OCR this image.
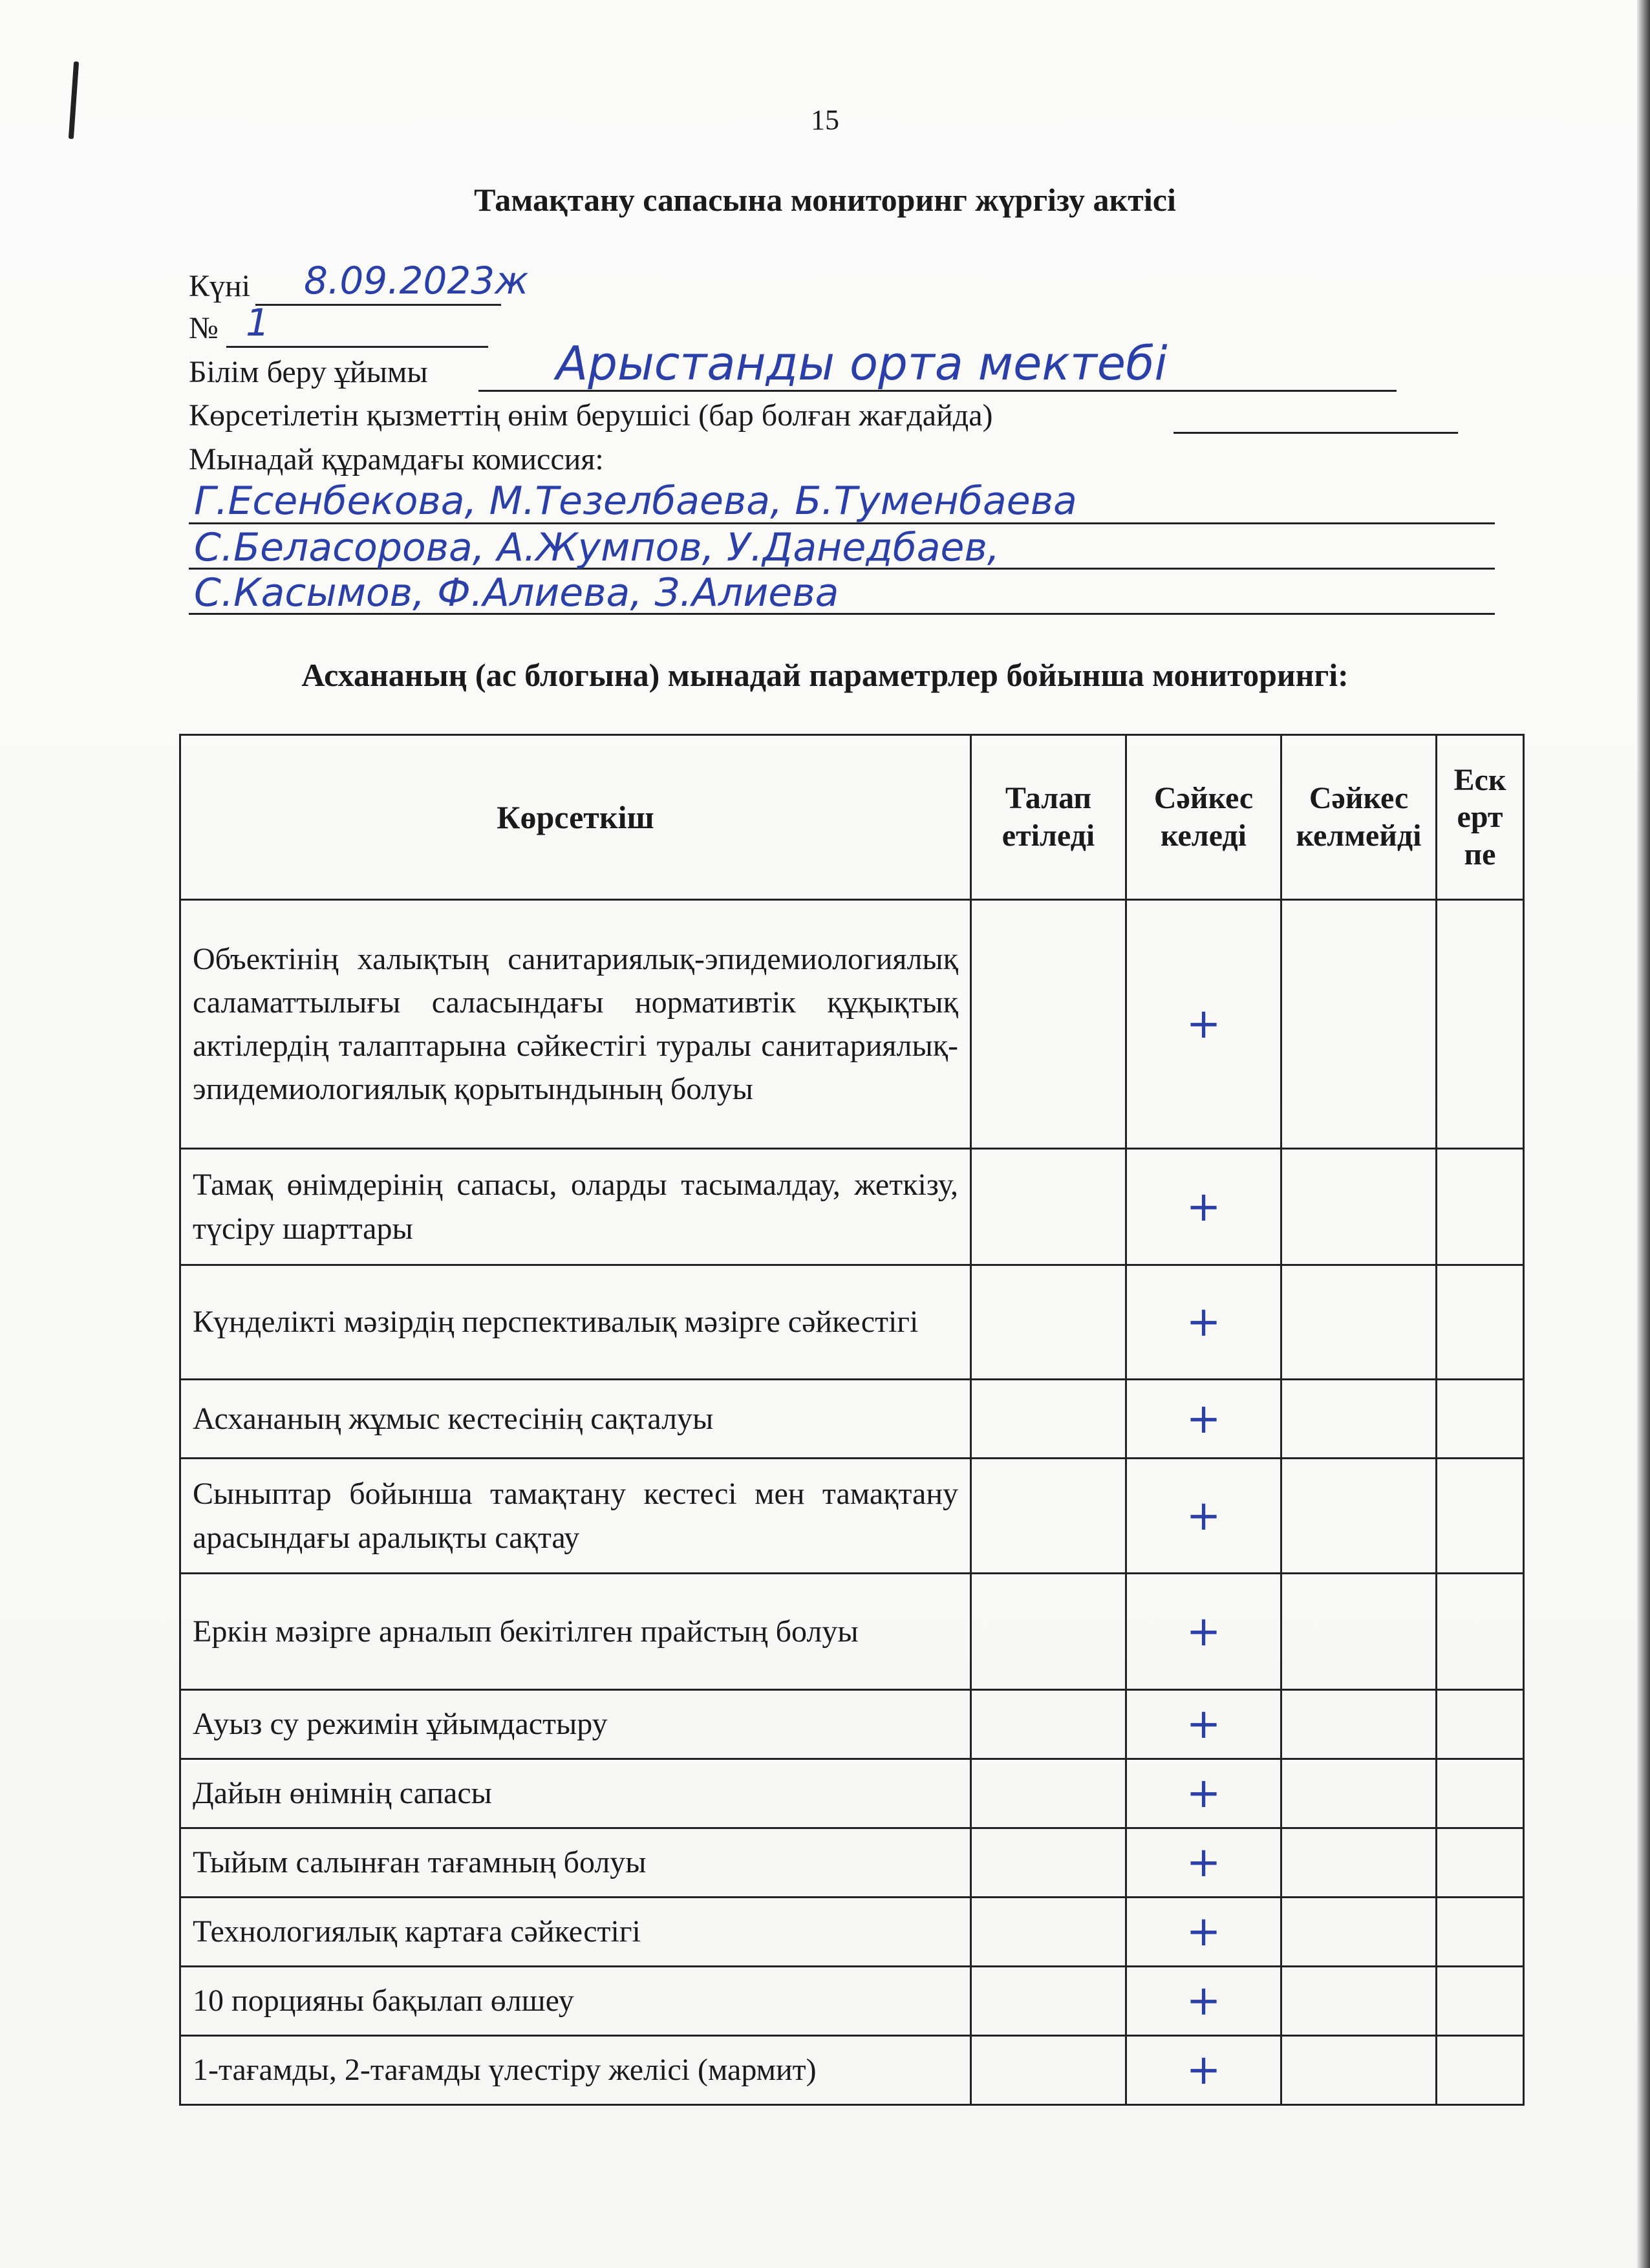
15
Тамақтану сапасына мониторинг жүргізу актісі
Күні 8.09.2023ж
№ 1
Білім беру ұйымы	Арыстанды орта мектебі
Көрсетілетін қызметтің өнім берушісі (бар болған жағдайда)
Мынадай құрамдағы комиссия:
Г.Есенбекова, М.Тезелбаева, Б.Туменбаева
С.Беласорова, А.Жумпов, У.Данедбаев,
С.Касымов, Ф.Алиева, З.Алиева
Асхананың (ас блогына) мынадай параметрлер бойынша мониторингі:
Көрсеткіш	Талап етіледі	Сәйкес келеді	Сәйкес келмейді	Ескертпе
Объектінің халықтың санитариялық-эпидемиологиялық саламаттылығы саласындағы нормативтік құқықтық актілердің талаптарына сәйкестігі туралы санитариялық-эпидемиологиялық қорытындының болуы		+		
Тамақ өнімдерінің сапасы, оларды тасымалдау, жеткізу, түсіру шарттары		+		
Күнделікті мәзірдің перспективалық мәзірге сәйкестігі		+		
Асхананың жұмыс кестесінің сақталуы		+		
Сыныптар бойынша тамақтану кестесі мен тамақтану арасындағы аралықты сақтау		+		
Еркін мәзірге арналып бекітілген прайстың болуы		+		
Ауыз су режимін ұйымдастыру		+		
Дайын өнімнің сапасы		+		
Тыйым салынған тағамның болуы		+		
Технологиялық картаға сәйкестігі		+		
10 порцияны бақылап өлшеу		+		
1-тағамды, 2-тағамды үлестіру желісі (мармит)		+		
